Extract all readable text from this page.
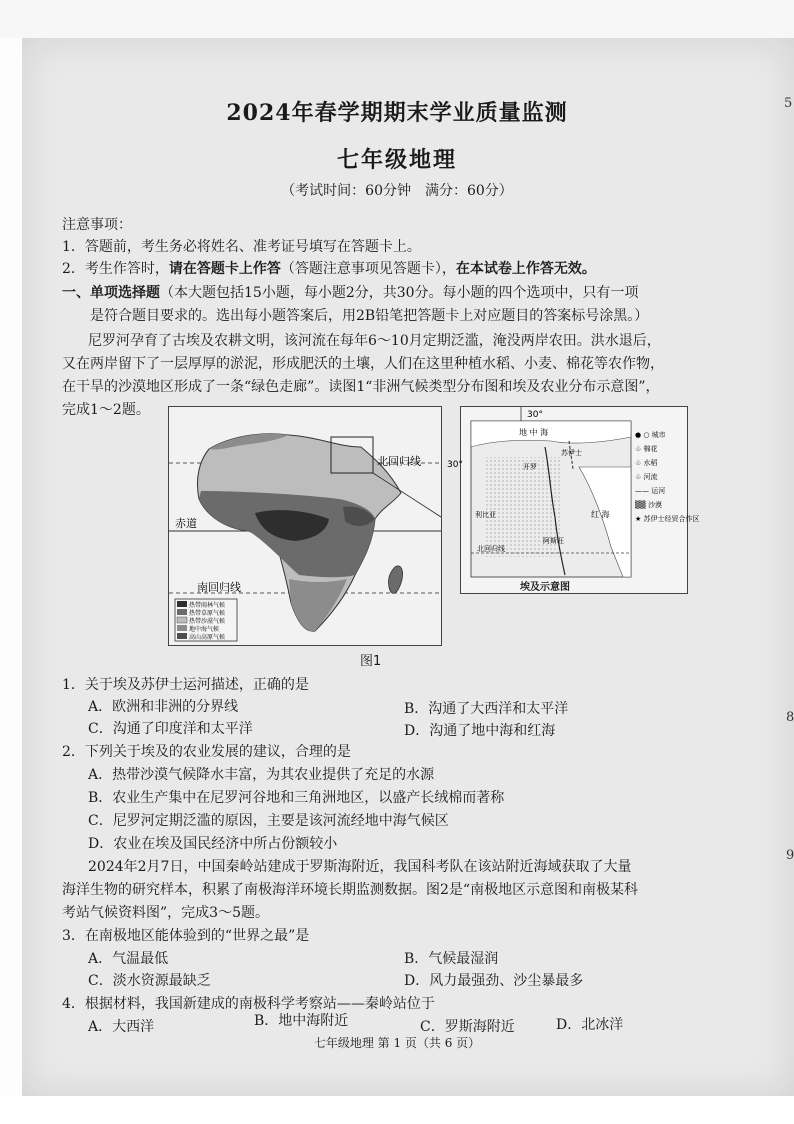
5
8
9
2024年春学期期末学业质量监测
七年级地理
（考试时间：60分钟　满分：60分）
注意事项：
1．答题前，考生务必将姓名、准考证号填写在答题卡上。
2．考生作答时，请在答题卡上作答（答题注意事项见答题卡），在本试卷上作答无效。
一、单项选择题（本大题包括15小题，每小题2分，共30分。每小题的四个选项中，只有一项
是符合题目要求的。选出每小题答案后，用2B铅笔把答题卡上对应题目的答案标号涂黑。）
尼罗河孕育了古埃及农耕文明，该河流在每年6～10月定期泛滥，淹没两岸农田。洪水退后，
又在两岸留下了一层厚厚的淤泥，形成肥沃的土壤，人们在这里种植水稻、小麦、棉花等农作物，
在干旱的沙漠地区形成了一条“绿色走廊”。读图1“非洲气候类型分布图和埃及农业分布示意图”，
完成1～2题。
北回归线
赤道
南回归线
热带雨林气候
热带草原气候
热带沙漠气候
地中海气候
高山高原气候
30°
30°
地 中 海
红 海
开罗
苏伊士
阿斯旺
利比亚
北回归线
● ○ 城市
♧ 棉花
♧ 水稻
♧ 河流
—— 运河
▒▒ 沙漠
★ 苏伊士经贸合作区
埃及示意图
图1
1．关于埃及苏伊士运河描述，正确的是
A．欧洲和非洲的分界线	B．沟通了大西洋和太平洋
C．沟通了印度洋和太平洋	D．沟通了地中海和红海
2．下列关于埃及的农业发展的建议，合理的是
A．热带沙漠气候降水丰富，为其农业提供了充足的水源
B．农业生产集中在尼罗河谷地和三角洲地区，以盛产长绒棉而著称
C．尼罗河定期泛滥的原因，主要是该河流经地中海气候区
D．农业在埃及国民经济中所占份额较小
2024年2月7日，中国秦岭站建成于罗斯海附近，我国科考队在该站附近海域获取了大量
海洋生物的研究样本，积累了南极海洋环境长期监测数据。图2是“南极地区示意图和南极某科
考站气候资料图”，完成3～5题。
3．在南极地区能体验到的“世界之最”是
A．气温最低	B．气候最湿润
C．淡水资源最缺乏	D．风力最强劲、沙尘暴最多
4．根据材料，我国新建成的南极科学考察站——秦岭站位于
A．大西洋	B．地中海附近	C．罗斯海附近	D．北冰洋
七年级地理 第 1 页（共 6 页）
